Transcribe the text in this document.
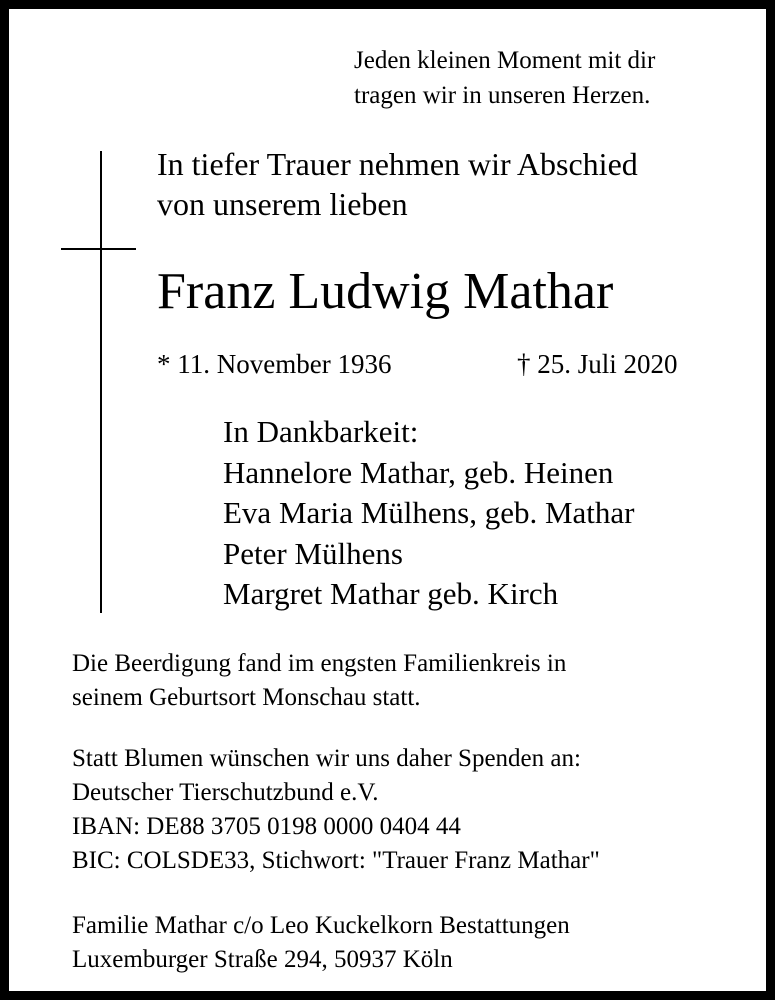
Jeden kleinen Moment mit dir
tragen wir in unseren Herzen.
In tiefer Trauer nehmen wir Abschied
von unserem lieben
Franz Ludwig Mathar
* 11. November 1936	† 25. Juli 2020
In Dankbarkeit:
Hannelore Mathar, geb. Heinen
Eva Maria Mülhens, geb. Mathar
Peter Mülhens
Margret Mathar geb. Kirch
Die Beerdigung fand im engsten Familienkreis in
seinem Geburtsort Monschau statt.
Statt Blumen wünschen wir uns daher Spenden an:
Deutscher Tierschutzbund e.V.
IBAN: DE88 3705 0198 0000 0404 44
BIC: COLSDE33, Stichwort: "Trauer Franz Mathar"
Familie Mathar c/o Leo Kuckelkorn Bestattungen
Luxemburger Straße 294, 50937 Köln
